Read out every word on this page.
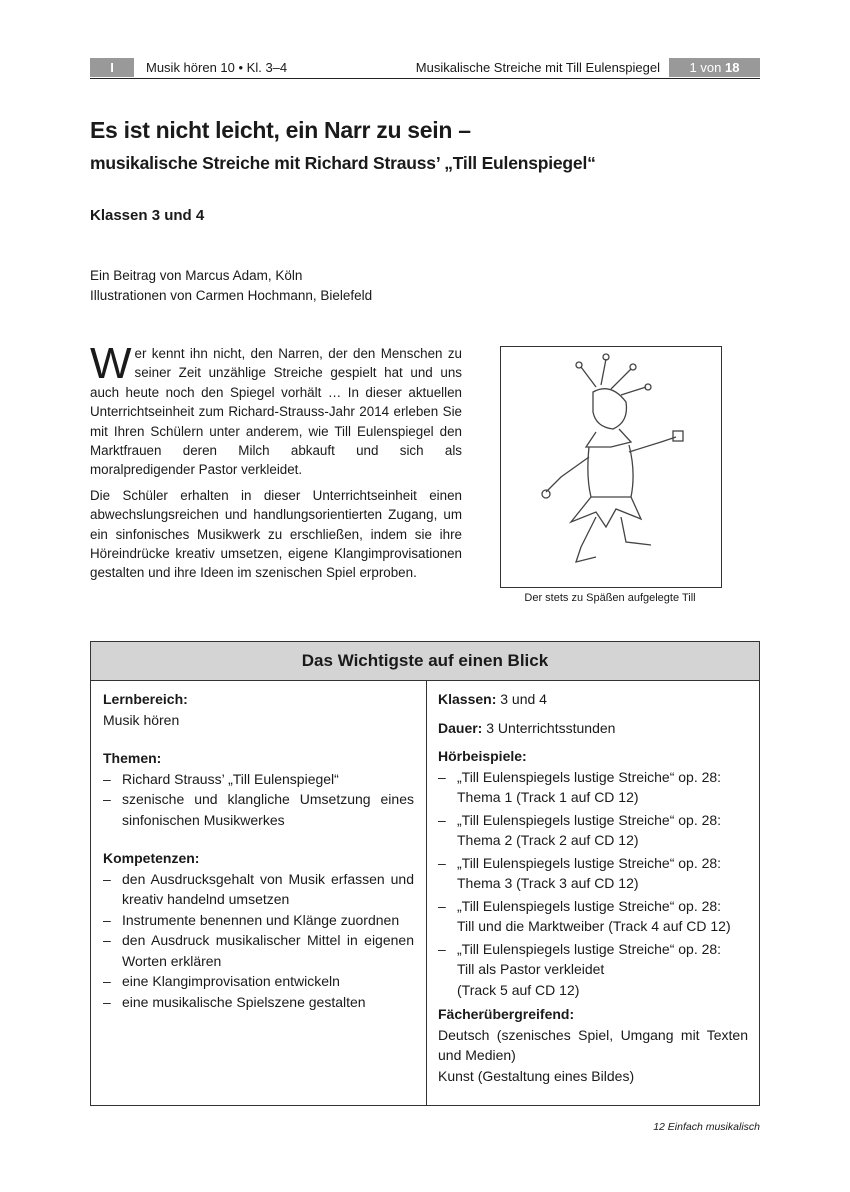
I	Musik hören 10 • Kl. 3–4	Musikalische Streiche mit Till Eulenspiegel	1 von 18
Es ist nicht leicht, ein Narr zu sein –
musikalische Streiche mit Richard Strauss’ „Till Eulenspiegel“
Klassen 3 und 4
Ein Beitrag von Marcus Adam, Köln
Illustrationen von Carmen Hochmann, Bielefeld

Wer kennt ihn nicht, den Narren, der den Menschen zu seiner Zeit unzählige Streiche gespielt hat und uns auch heute noch den Spiegel vorhält … In dieser aktuellen Unterrichtseinheit zum Richard-Strauss-Jahr 2014 erleben Sie mit Ihren Schülern unter anderem, wie Till Eulenspiegel den Marktfrauen deren Milch abkauft und sich als moralpredigender Pastor verkleidet.

Die Schüler erhalten in dieser Unterrichtseinheit einen abwechslungsreichen und handlungsorientierten Zugang, um ein sinfonisches Musikwerk zu erschließen, indem sie ihre Höreindrücke kreativ umsetzen, eigene Klangimprovisationen gestalten und ihre Ideen im szenischen Spiel erproben.

Der stets zu Späßen aufgelegte Till
Das Wichtigste auf einen Blick
Lernbereich:
Musik hören
Themen:
– Richard Strauss’ „Till Eulenspiegel“
– szenische und klangliche Umsetzung eines sinfonischen Musikwerkes
Kompetenzen:
– den Ausdrucksgehalt von Musik erfassen und kreativ handelnd umsetzen
– Instrumente benennen und Klänge zuordnen
– den Ausdruck musikalischer Mittel in eigenen Worten erklären
– eine Klangimprovisation entwickeln
– eine musikalische Spielszene gestalten
Klassen: 3 und 4
Dauer: 3 Unterrichtsstunden
Hörbeispiele:
– „Till Eulenspiegels lustige Streiche“ op. 28:
Thema 1 (Track 1 auf CD 12)
– „Till Eulenspiegels lustige Streiche“ op. 28:
Thema 2 (Track 2 auf CD 12)
– „Till Eulenspiegels lustige Streiche“ op. 28:
Thema 3 (Track 3 auf CD 12)
– „Till Eulenspiegels lustige Streiche“ op. 28:
Till und die Marktweiber (Track 4 auf CD 12)
– „Till Eulenspiegels lustige Streiche“ op. 28:
Till als Pastor verkleidet
(Track 5 auf CD 12)
Fächerübergreifend:
Deutsch (szenisches Spiel, Umgang mit Texten und Medien)
Kunst (Gestaltung eines Bildes)
12 Einfach musikalisch
